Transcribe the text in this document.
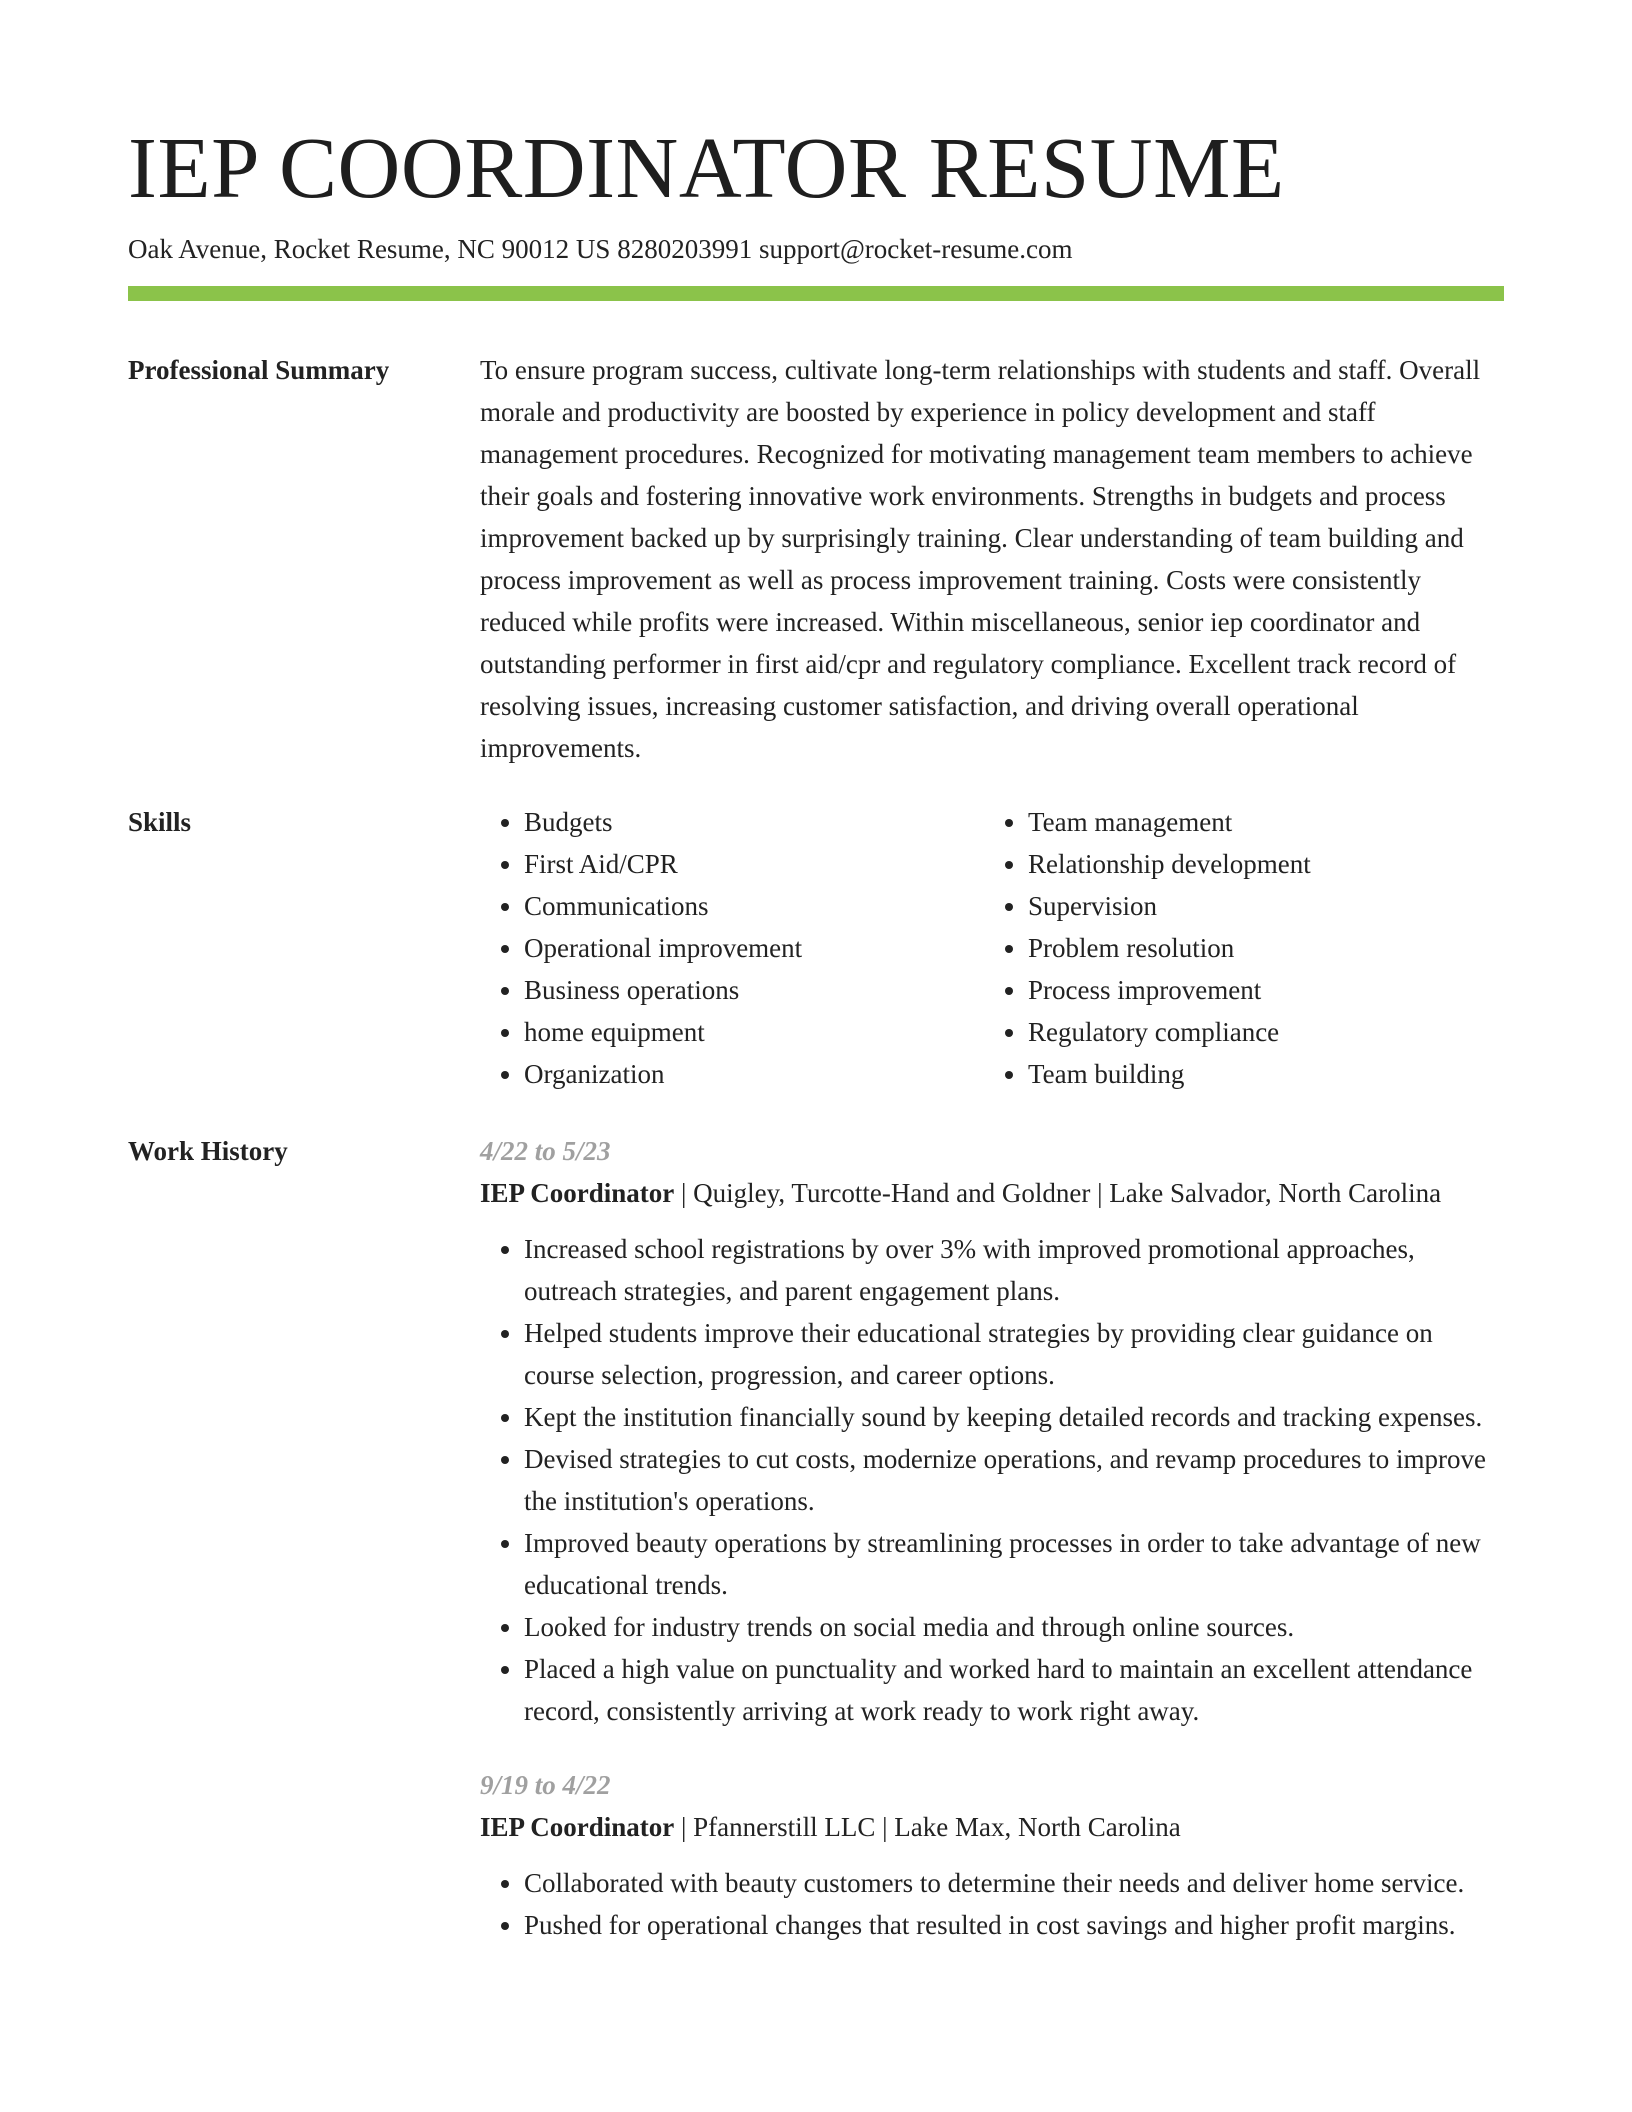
IEP COORDINATOR RESUME
Oak Avenue, Rocket Resume, NC 90012 US 8280203991 support@rocket-resume.com
Professional Summary	To ensure program success, cultivate long-term relationships with students and staff. Overall morale and productivity are boosted by experience in policy development and staff management procedures. Recognized for motivating management team members to achieve their goals and fostering innovative work environments. Strengths in budgets and process improvement backed up by surprisingly training. Clear understanding of team building and process improvement as well as process improvement training. Costs were consistently reduced while profits were increased. Within miscellaneous, senior iep coordinator and outstanding performer in first aid/cpr and regulatory compliance. Excellent track record of resolving issues, increasing customer satisfaction, and driving overall operational improvements.
Skills
•	Budgets
• First Aid/CPR
• Communications
• Operational improvement
• Business operations
• home equipment
• Organization
• Team management
• Relationship development
• Supervision
• Problem resolution
• Process improvement
• Regulatory compliance
• Team building
Work History	4/22 to 5/23
IEP Coordinator | Quigley, Turcotte-Hand and Goldner | Lake Salvador, North Carolina
• Increased school registrations by over 3% with improved promotional approaches, outreach strategies, and parent engagement plans.
• Helped students improve their educational strategies by providing clear guidance on course selection, progression, and career options.
• Kept the institution financially sound by keeping detailed records and tracking expenses.
• Devised strategies to cut costs, modernize operations, and revamp procedures to improve the institution's operations.
• Improved beauty operations by streamlining processes in order to take advantage of new educational trends.
• Looked for industry trends on social media and through online sources.
• Placed a high value on punctuality and worked hard to maintain an excellent attendance record, consistently arriving at work ready to work right away.
9/19 to 4/22
IEP Coordinator | Pfannerstill LLC | Lake Max, North Carolina
• Collaborated with beauty customers to determine their needs and deliver home service.
• Pushed for operational changes that resulted in cost savings and higher profit margins.
